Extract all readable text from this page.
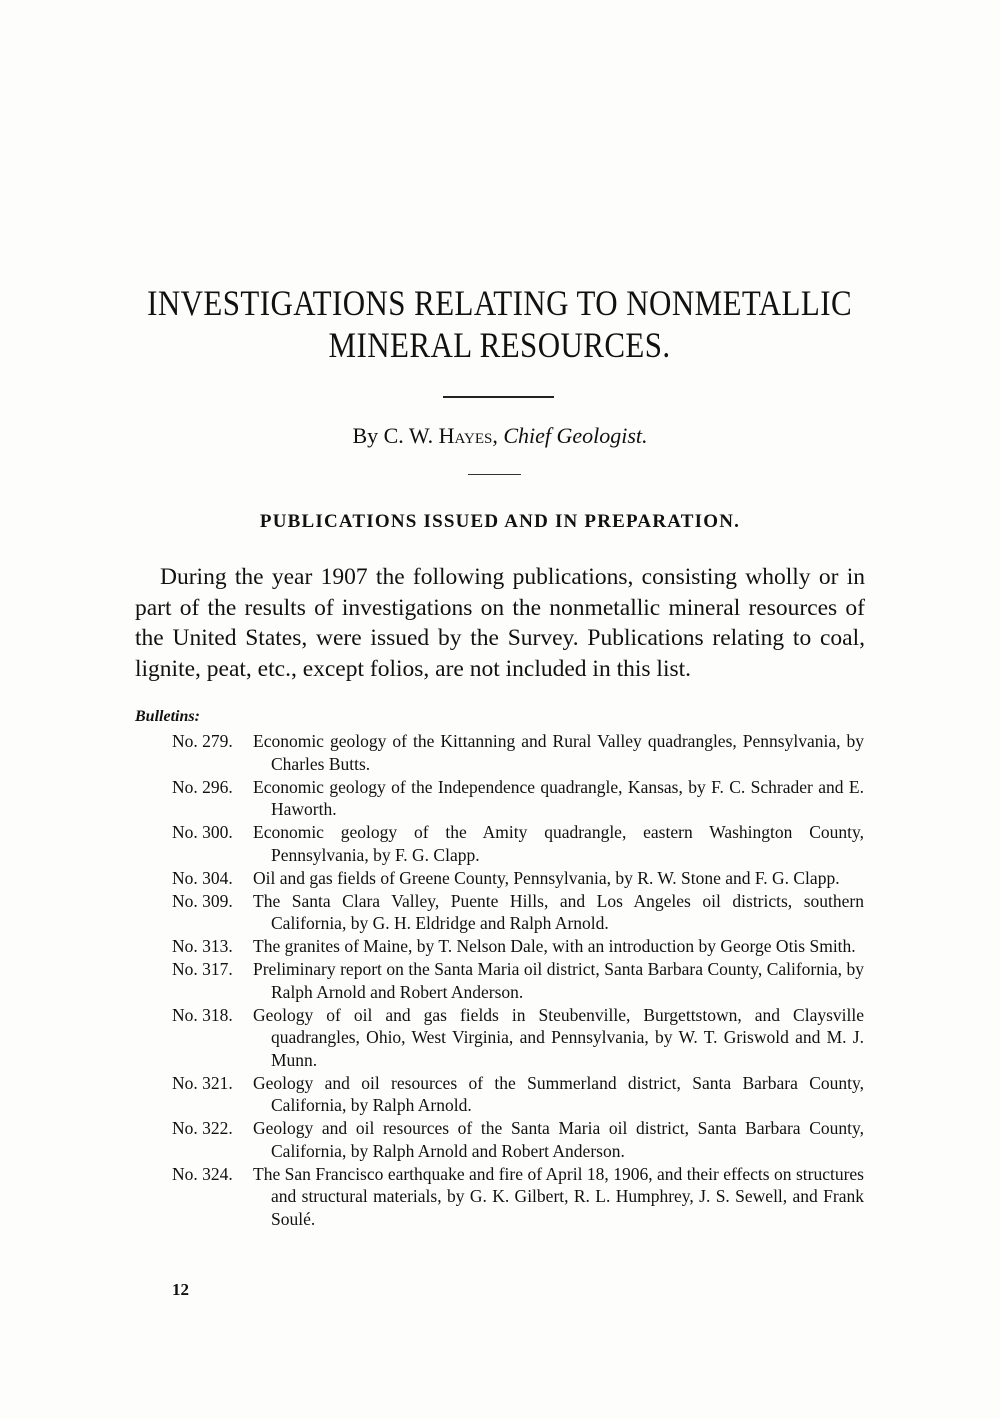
INVESTIGATIONS RELATING TO NONMETALLIC
MINERAL RESOURCES.
By C. W. Hayes, Chief Geologist.
PUBLICATIONS ISSUED AND IN PREPARATION.

During the year 1907 the following publications, consisting wholly or in part of the results of investigations on the nonmetallic mineral resources of the United States, were issued by the Survey. Publications relating to coal, lignite, peat, etc., except folios, are not included in this list.

Bulletins:
No. 279.	Economic geology of the Kittanning and Rural Valley quadrangles, Pennsylvania, by Charles Butts.
No. 296.	Economic geology of the Independence quadrangle, Kansas, by F. C. Schrader and E. Haworth.
No. 300.	Economic geology of the Amity quadrangle, eastern Washington County, Pennsylvania, by F. G. Clapp.
No. 304.	Oil and gas fields of Greene County, Pennsylvania, by R. W. Stone and F. G. Clapp.
No. 309.	The Santa Clara Valley, Puente Hills, and Los Angeles oil districts, southern California, by G. H. Eldridge and Ralph Arnold.
No. 313.	The granites of Maine, by T. Nelson Dale, with an introduction by George Otis Smith.
No. 317.	Preliminary report on the Santa Maria oil district, Santa Barbara County, California, by Ralph Arnold and Robert Anderson.
No. 318.	Geology of oil and gas fields in Steubenville, Burgettstown, and Claysville quadrangles, Ohio, West Virginia, and Pennsylvania, by W. T. Griswold and M. J. Munn.
No. 321.	Geology and oil resources of the Summerland district, Santa Barbara County, California, by Ralph Arnold.
No. 322.	Geology and oil resources of the Santa Maria oil district, Santa Barbara County, California, by Ralph Arnold and Robert Anderson.
No. 324.	The San Francisco earthquake and fire of April 18, 1906, and their effects on structures and structural materials, by G. K. Gilbert, R. L. Humphrey, J. S. Sewell, and Frank Soulé.
12
